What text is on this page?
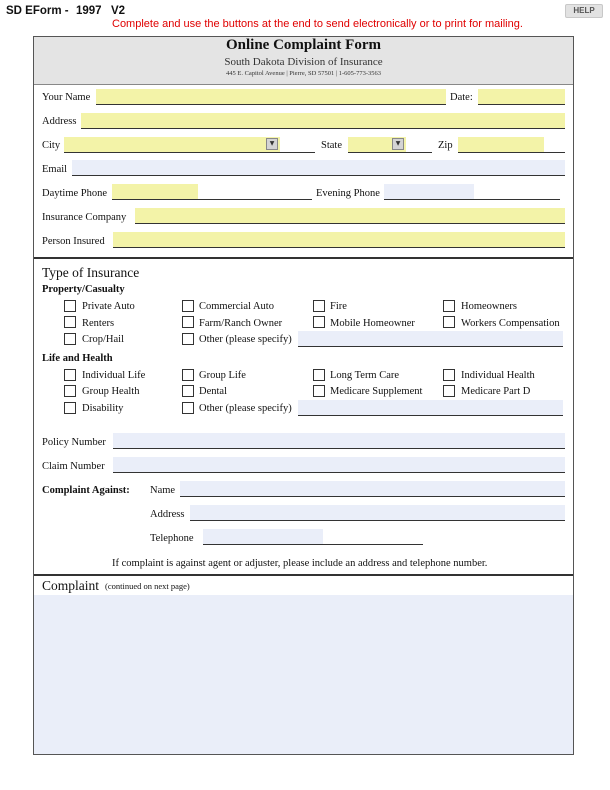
SD EForm - 1997 V2
Complete and use the buttons at the end to send electronically or to print for mailing.
HELP
Online Complaint Form
South Dakota Division of Insurance
445 E. Capitol Avenue | Pierre, SD 57501 | 1-605-773-3563
Your Name	Date:
Address
City	▼	State	▼	Zip
Email
Daytime Phone	Evening Phone
Insurance Company
Person Insured
Type of Insurance
Property/Casualty
Private Auto	Commercial Auto	Fire	Homeowners
Renters	Farm/Ranch Owner	Mobile Homeowner	Workers Compensation
Crop/Hail	Other (please specify)
Life and Health
Individual Life	Group Life	Long Term Care	Individual Health
Group Health	Dental	Medicare Supplement	Medicare Part D
Disability	Other (please specify)
Policy Number
Claim Number
Complaint Against: Name
Address
Telephone
If complaint is against agent or adjuster, please include an address and telephone number.
Complaint (continued on next page)
